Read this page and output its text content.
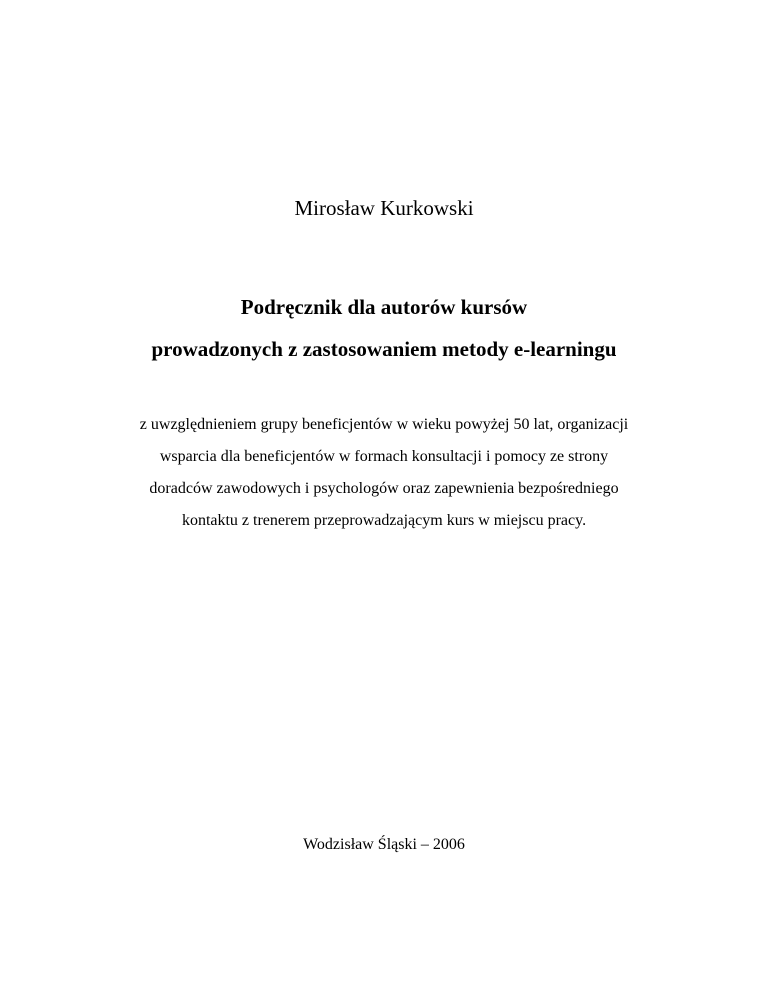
Mirosław Kurkowski
Podręcznik dla autorów kursów
prowadzonych z zastosowaniem metody e-learningu
z uwzględnieniem grupy beneficjentów w wieku powyżej 50 lat, organizacji
wsparcia dla beneficjentów w formach konsultacji i pomocy ze strony
doradców zawodowych i psychologów oraz zapewnienia bezpośredniego
kontaktu z trenerem przeprowadzającym kurs w miejscu pracy.
Wodzisław Śląski – 2006
